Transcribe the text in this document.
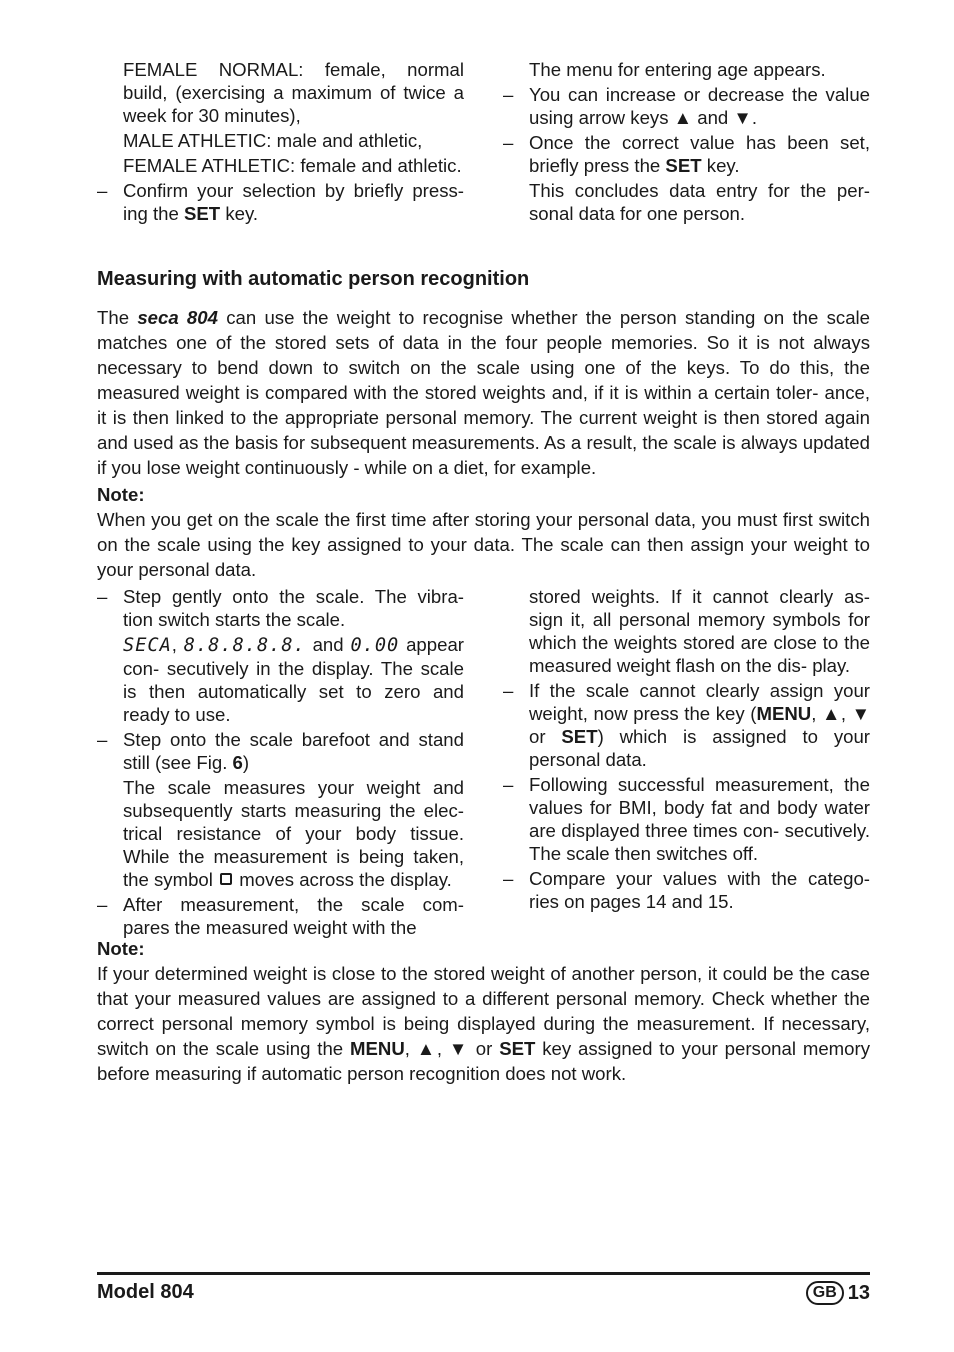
FEMALE NORMAL: female, normal build, (exercising a maximum of twice a week for 30 minutes),
MALE ATHLETIC: male and athletic,
FEMALE ATHLETIC: female and athletic.
– Confirm your selection by briefly press- ing the SET key.
The menu for entering age appears.
– You can increase or decrease the value using arrow keys ▲ and ▼.
– Once the correct value has been set, briefly press the SET key.
This concludes data entry for the per- sonal data for one person.
Measuring with automatic person recognition
The seca 804 can use the weight to recognise whether the person standing on the scale matches one of the stored sets of data in the four people memories. So it is not always necessary to bend down to switch on the scale using one of the keys. To do this, the measured weight is compared with the stored weights and, if it is within a certain toler- ance, it is then linked to the appropriate personal memory. The current weight is then stored again and used as the basis for subsequent measurements. As a result, the scale is always updated if you lose weight continuously - while on a diet, for example.
Note:
When you get on the scale the first time after storing your personal data, you must first switch on the scale using the key assigned to your data. The scale can then assign your weight to your personal data.
– Step gently onto the scale. The vibra- tion switch starts the scale.
SECA, 8.8.8.8.8. and 0.00 appear con- secutively in the display. The scale is then automatically set to zero and ready to use.
– Step onto the scale barefoot and stand still (see Fig. 6)
The scale measures your weight and subsequently starts measuring the elec- trical resistance of your body tissue. While the measurement is being taken, the symbol moves across the display.
– After measurement, the scale com- pares the measured weight with the
stored weights. If it cannot clearly as- sign it, all personal memory symbols for which the weights stored are close to the measured weight flash on the dis- play.
– If the scale cannot clearly assign your weight, now press the key (MENU, ▲, ▼ or SET) which is assigned to your personal data.
– Following successful measurement, the values for BMI, body fat and body water are displayed three times con- secutively. The scale then switches off.
– Compare your values with the catego- ries on pages 14 and 15.
Note:
If your determined weight is close to the stored weight of another person, it could be the case that your measured values are assigned to a different personal memory. Check whether the correct personal memory symbol is being displayed during the measurement. If necessary, switch on the scale using the MENU, ▲, ▼ or SET key assigned to your personal memory before measuring if automatic person recognition does not work.
Model 804	GB 13
